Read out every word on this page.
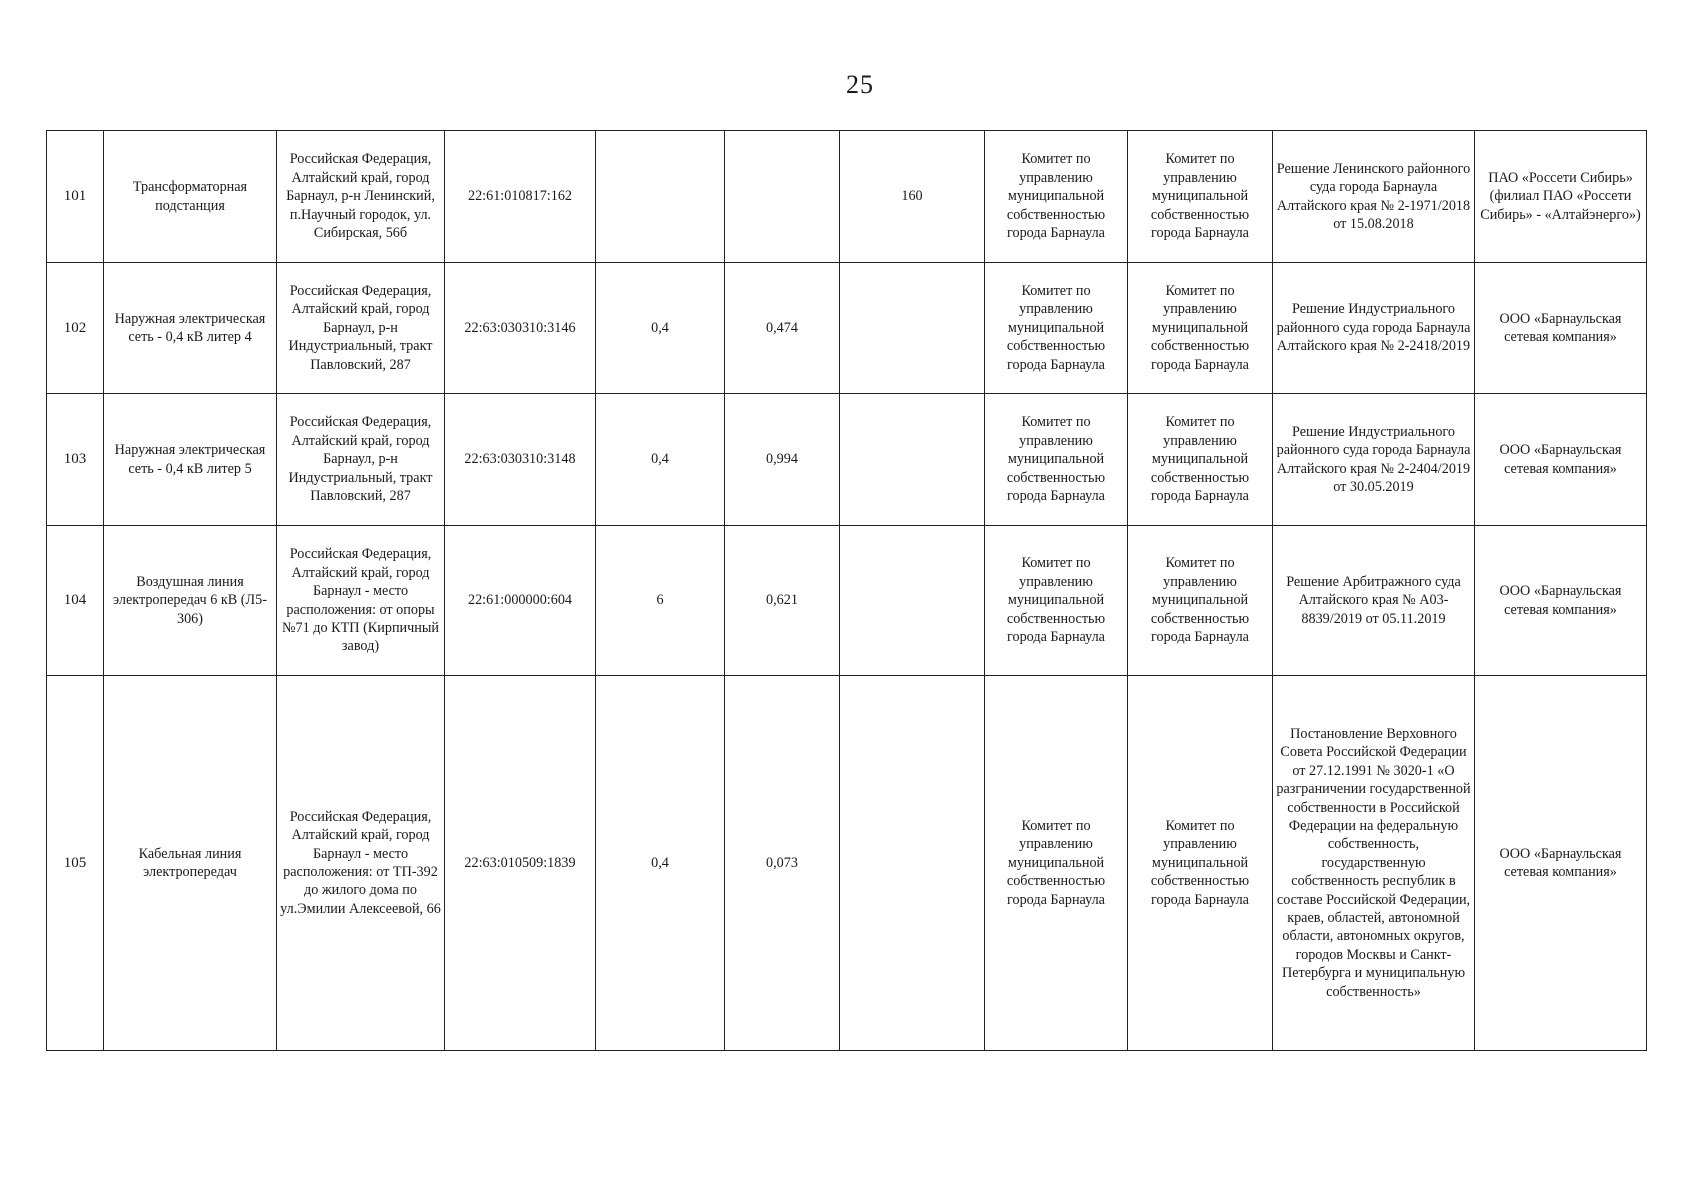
25
101	Трансформаторная подстанция	Российская Федерация, Алтайский край, город Барнаул, р-н Ленинский, п.Научный городок, ул. Сибирская, 56б	22:61:010817:162			160	Комитет по управлению муниципальной собственностью города Барнаула	Комитет по управлению муниципальной собственностью города Барнаула	Решение Ленинского районного суда города Барнаула Алтайского края № 2-1971/2018 от 15.08.2018	ПАО «Россети Сибирь» (филиал ПАО «Россети Сибирь» - «Алтайэнерго»)
102	Наружная электрическая сеть - 0,4 кВ литер 4	Российская Федерация, Алтайский край, город Барнаул, р-н Индустриальный, тракт Павловский, 287	22:63:030310:3146	0,4	0,474		Комитет по управлению муниципальной собственностью города Барнаула	Комитет по управлению муниципальной собственностью города Барнаула	Решение Индустриального районного суда города Барнаула Алтайского края № 2-2418/2019	ООО «Барнаульская сетевая компания»
103	Наружная электрическая сеть - 0,4 кВ литер 5	Российская Федерация, Алтайский край, город Барнаул, р-н Индустриальный, тракт Павловский, 287	22:63:030310:3148	0,4	0,994		Комитет по управлению муниципальной собственностью города Барнаула	Комитет по управлению муниципальной собственностью города Барнаула	Решение Индустриального районного суда города Барнаула Алтайского края № 2-2404/2019 от 30.05.2019	ООО «Барнаульская сетевая компания»
104	Воздушная линия электропередач 6 кВ (Л5-306)	Российская Федерация, Алтайский край, город Барнаул - место расположения: от опоры №71 до КТП (Кирпичный завод)	22:61:000000:604	6	0,621		Комитет по управлению муниципальной собственностью города Барнаула	Комитет по управлению муниципальной собственностью города Барнаула	Решение Арбитражного суда Алтайского края № А03-8839/2019 от 05.11.2019	ООО «Барнаульская сетевая компания»
105	Кабельная линия электропередач	Российская Федерация, Алтайский край, город Барнаул - место расположения: от ТП-392 до жилого дома по ул.Эмилии Алексеевой, 66	22:63:010509:1839	0,4	0,073		Комитет по управлению муниципальной собственностью города Барнаула	Комитет по управлению муниципальной собственностью города Барнаула	Постановление Верховного Совета Российской Федерации от 27.12.1991 № 3020-1 «О разграничении государственной собственности в Российской Федерации на федеральную собственность, государственную собственность республик в составе Российской Федерации, краев, областей, автономной области, автономных округов, городов Москвы и Санкт-Петербурга и муниципальную собственность»	ООО «Барнаульская сетевая компания»
